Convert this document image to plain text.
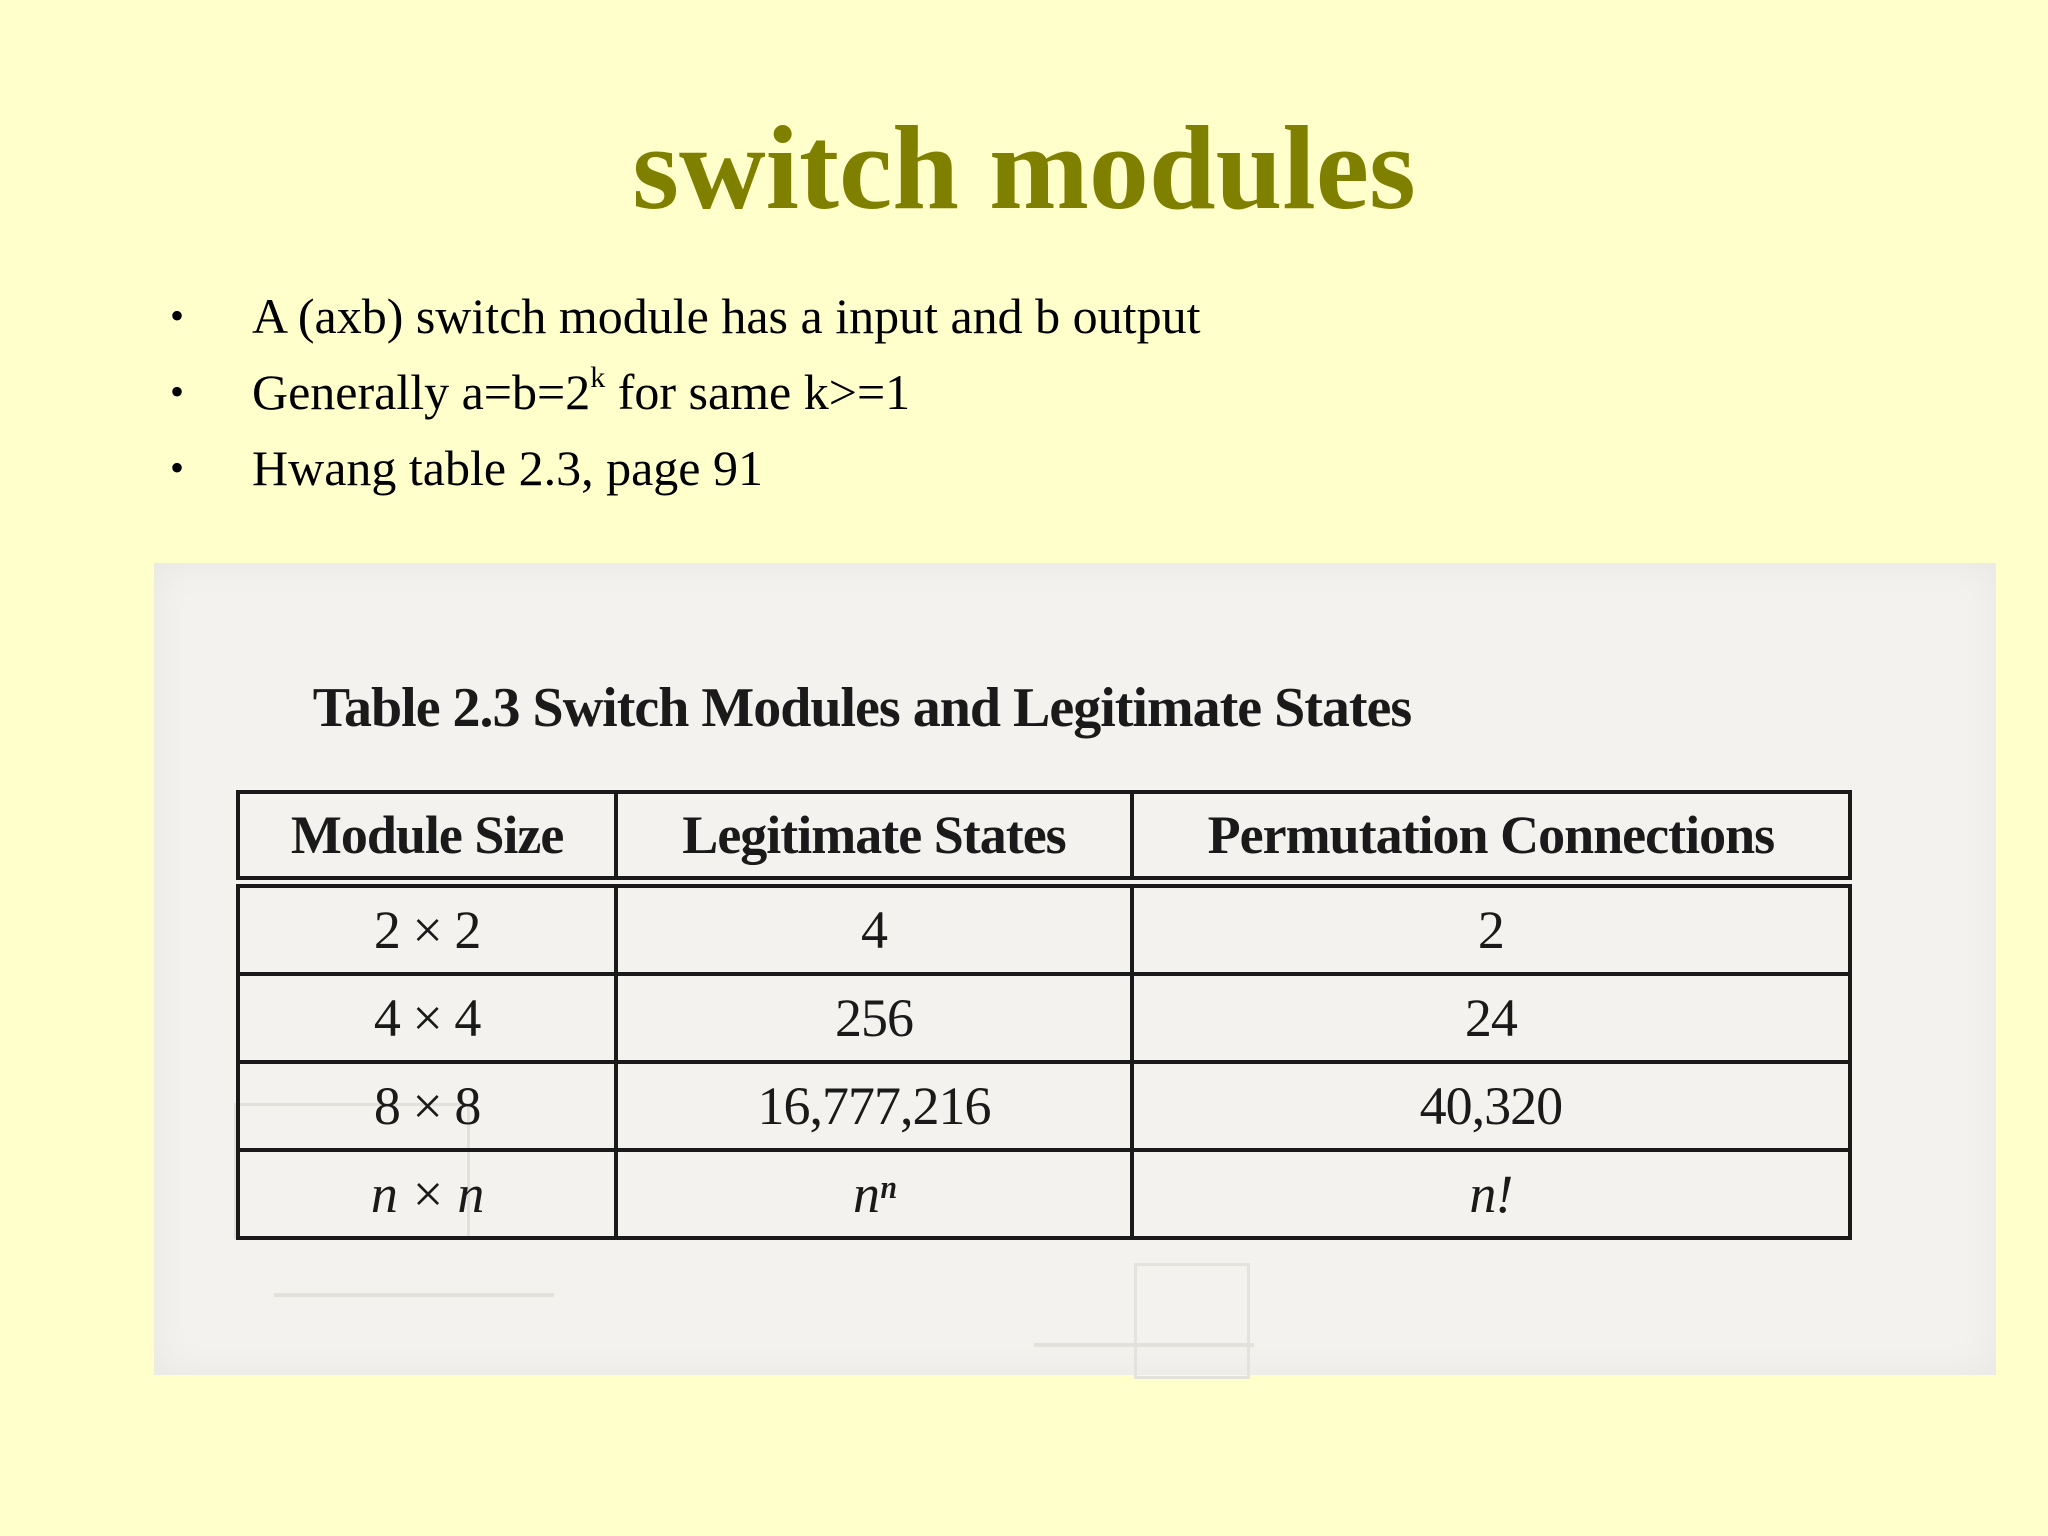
switch modules
•	A (axb) switch module has a input and b output
•	Generally $a=b=2^k$ for same k>=1
•	Hwang table 2.3, page 91
Table 2.3 Switch Modules and Legitimate States
Module Size	Legitimate States	Permutation Connections

2 × 2	4	2
4 × 4	256	24
8 × 8	16,777,216	40,320
n × n	nⁿ	n!
